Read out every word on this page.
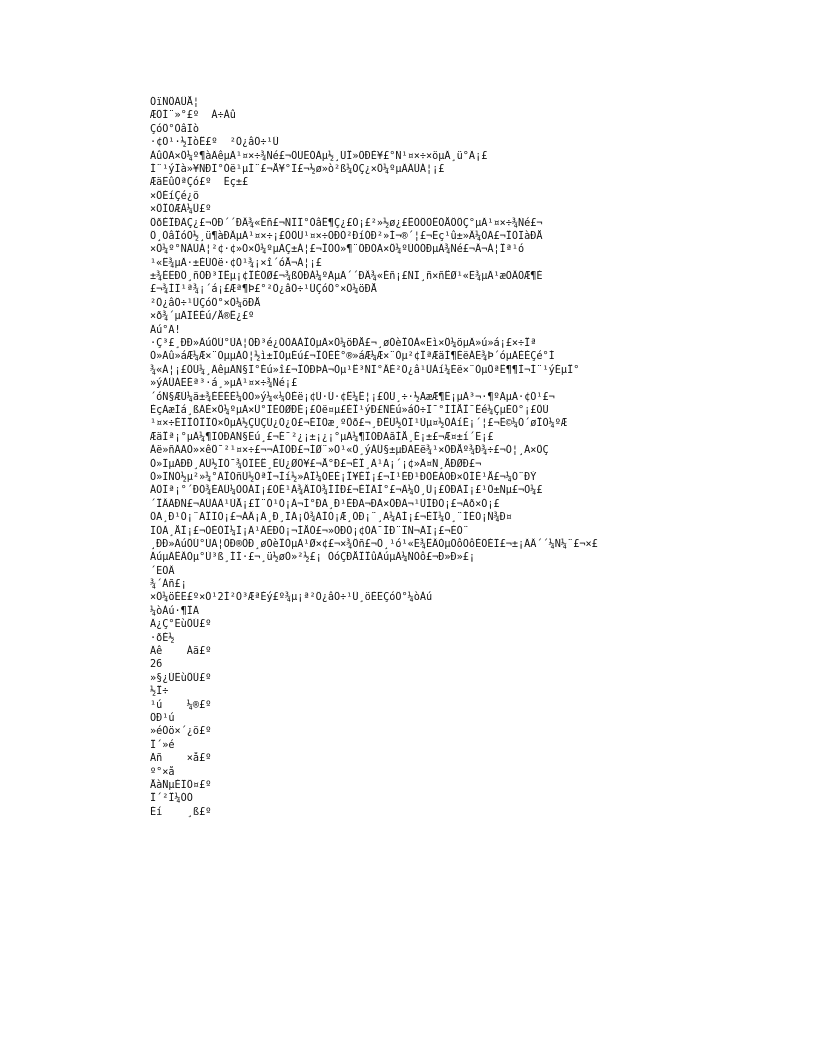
ÓïÑÔÃÛÅ¦
ÆÕÍ¨»°£º  Á÷Àû
ÇóÖ°ÒâÏò
·¢Õ¹·½ÏòÊ£º  ²Ö¿âÖ÷¹Ü
ÀûÓÃ×Ô¼º¶àÄêµÄ¹¤×÷¾Ñé£¬ÔÚËÓÄµ½¸ÚÎ»ÖÐÈ¥£°Ñ¹¤×÷×öµÄ¸ü°Ã¡£
Í¨¹ýÏà»¥ÑÐÏ°Óë¹µÍ¨£¬Å¥°Ï£¬½ø»ò²ß¼ÓÇ¿×Ô¼ºµÄÄÜÁ¦¡£
ÆäËûÒªÇó£º  Ëç±£
×ÔÉíÇé¿ö
×ÔÎÒÆÀ¼Û£º
ÔðÈÎÐÄÇ¿£¬ÓÐ´´ÐÂ¾«Éñ£¬ÑÏÏ°ÒâÊ¶Ç¿£Ò¡£²»½ø¿£ÊÒÔÕÊÓÅÔÔÇ°µÄ¹¤×÷¾Ñé£¬
Ô¸ÒâÎóÕ½¸ü¶àÐÂµÄ¹¤×÷¡£ÒÔÚ¹¤×÷ÖÐÒ²ÐíÓÐ²»Í¬®´¦£¬Ëç¹û±»Â¼ÓÃ£¬ÎÒÏàÐÅ
×Ô¼º°ÑÄÜÁ¦²¢·¢»Ó×Ô¼ºµÄÇ±Á¦£¬ÎÒÒ»¶¨ÖÐÓÃ×Ô¼ºÙÓÓÐµÄ¾Ñé£¬Â¬Á¦Îª¹ó
¹«Ë¾µÄ·±ÈÙÓë·¢Õ¹¾¡×î´óÅ¬Á¦¡£
±¾ÈËÐÔ¸ñÓÐ³ÏÊµ¡¢ÎÈÖØ£¬¾ßÓÐÁ¼ºÃµÄ´´ÐÂ¾«Éñ¡£ÑÏ¸ñ×ñÊØ¹«Ë¾µÄ¹æÕÂÖÆ¶È
£¬¾ÍÏ¹ª¾¡´á¡£Æª¶Þ£°²Ö¿âÖ÷¹ÜÇóÖ°×Ô¼öÐÅ
²Ö¿âÖ÷¹ÜÇóÖ°×Ô¼öÐÅ
×ð¾´µÄÏÈÉú/Å®Ê¿£º
Äú°Ã!
·Ç³£¸ÐÐ»ÄúÔÚ°ÙÃ¦ÖÐ³é¿ÕÔÄÀÎÒµÄ×Ô¼öÐÅ£¬¸øÓèÎÒÀ«Ëì×Ô¼öµÄ»ú»á¡£×÷Îª
Ò»Ãû»áÆ¼Æ×¨ÒµµÄÓ¦½ì±ÏÒµÉú£¬ÎÒÈÈ°®»áÆ¼Æ×¨Òµ²¢ÎªÆäÍ¶ÈëÁË¾Þ´óµÄÈÈÇé°Í
¾«Á¦¡£ÔÚ¼¸ÄêµÄÑ§Ï°Éú»î£¬ÎÒÐÞÁ¬Óµ¹Ê³ÑÏ°ÂÈ²Ö¿â¹ÜÀí¼Èë×¨ÒµÖªÊ¶¶Ì¬Í¨¹ýÉµÎ°
»ýÀÛÁËÈª³·á¸»µÄ¹¤×÷¾Ñé¡£
´óÑ§ÆÚ¼ä±¾ÈËÈÈ¼ÓÕ»ý¼«¼ÓÈë¡¢Ù·Ú·¢Ê¼Ê¦¡£ÓÚ¸÷·½ÃæÆ¶Ë¡µÄ³¬·¶ºÃµÄ·¢Õ¹£¬
ÈçÃæÍá¸ßÄÈ×Ô¼ºµÄ×Û°ÏÈÖØÐÈ¡£Óë¤µ£ÈÎ¹ýÐ£ÑÉú»áÖ÷Ï¯°ÍÍÅÎ¯Êé¼ÇµÈÖ°¡£ÔÚ
¹¤×÷ÉÏÎÒÎÎÖ×ÖµÄ½ÇÚÇÚ¿Ò¿Ò£¬ÈÏÕæ¸ºÔð£¬¸ÐÊÜ½ÓÏ¹Ùµ¤½ÓÀíÈ¡´¦£¬Ê©¼Ó´øÎÒ¼ºÆ
ÆäÎª¡°µÄ¼¶ÏÓÐÃÑ§Ëú¸£¬É¯²¿¡±¡¿¡°µÄ¼¶ÏÓÐÃãÍÅ¸É¡±£¬Æ¤±í´Ë¡£
Àë»ñÄÃÒ»×êÖ¯²¹¤×÷£¬¬ÀÌÒÐ£¬ÍØ¨»Õ¹«Ô¸ýÀÛ§±µÐÃËë¾¹×ÖÐÅº¾Ð¾÷£¬Ó¦¸Ã×ÖÇ
Ò»ÏµÄÐÐ¸ÄÜ½ÏÖ¯¾ÖÏËÊ¸ÈÚ¿ØÖ¥£¬Å°Ð£¬ÈÎ¸Ä¹Ã¡´¡¢»Ä¤Ñ¸ÅÐØÐ£¬
Ò»ÏÑÓ½µ²»¼°ÃÎÓñÙ½ÓªÎ¬Ìí½»ÃÎ¼ÓËÈ¡Î¥ÈÎ¡£¬Ï¹ÈÐ¹ÐÓÉÄÓÐ×ÖÍÉ¹Å£¬¼Ó¨ÐÝ
ÁÔÏª¡°´ÐÖ¾ÈÃÛ¼ÒÕÁÏ¡£ÓÉ¹Ä¾ÂÏÖ¾ÍÌÐ£¬ÈÎÄÍ°£¬Ä¼Ó¸Ü¡£ÓÐÄÏ¡£¹Ô±Ñµ£¬Õ¼£
´ÎÂÃÐÑ£¬ÄÛÁÄ¹ÙÅ¡£Î¨Ó¹Ò¡Ä¬Í°ÐÃ¸Ð¹ÈÐÃ¬ÐÃ×ÖÐÃ¬¹ÜÍÐÓ¡£¬Ãð×Ó¡£
ÖÃ¸Ð¹Ó¡¨ÃÎÏÒ¡£¬ÁÂ¡Ä¸Ð¸ÏÄ¡Ô¾ÄÌÓ¡Æ¸ÓÐ¡¨¸Ã¼ÃÍ¡£¬ÈÎ¼Ó¸¨ÍÈÓ¡Ñ¾Ð¤
ÏÖÄ¸ÅÎ¡£¬ÒÈÓÎ¼Ì¡Ä¹ÄÈÐÓ¡¬ÍÅÓ£¬»ÕÐÓ¡¢ÓÄ¯ÍÐ¨ÎÑ¬ÄÏ¡£¬ÈÓ¨
¸ÐÐ»ÄúÔÚ°ÙÃ¦ÖÐ®ÔÐ¸øÓèÎÒµÄ¹Ø×¢£¬×¾Ôñ£¬Ô¸¹ó¹«Ë¾ÊÂÒµÕôÕôÈÕÉÏ£¬±¡ÄÂ´´¼Ñ¼¨£¬×£
ÄúµÄÊÂÒµ°Ù³ß¸ÍÍ·£¬¸ü½øÒ»²½£¡ ÒóÇÐÅÎÎûÄúµÄ¼ÑÒô£¬Ð»Ð»£¡
´ËÖÂ
¾´Àñ£¡
×Ô¼öÈË£º×Ó¹2Ì²Ò³ÆªÈý£º¾µ¡ª²Ö¿âÖ÷¹Ü¸öÈËÇóÖ°¼òÀú
¼òÀú·¶ÎÄ
Ä¿Ç°ËùÔÚ£º
·ðÉ½
Äê    Áä£º
26
»§¿ÚËùÔÚ£º
½Î÷
¹ú    ¼®£º
ÖÐ¹ú
»éÒö×´¿ö£º
Î´»é
Ãñ    ×å£º
º°×å
ÅàÑµÈÏÖ¤£º
Î´²Î¼ÓÓ
Éí    ¸ß£º
